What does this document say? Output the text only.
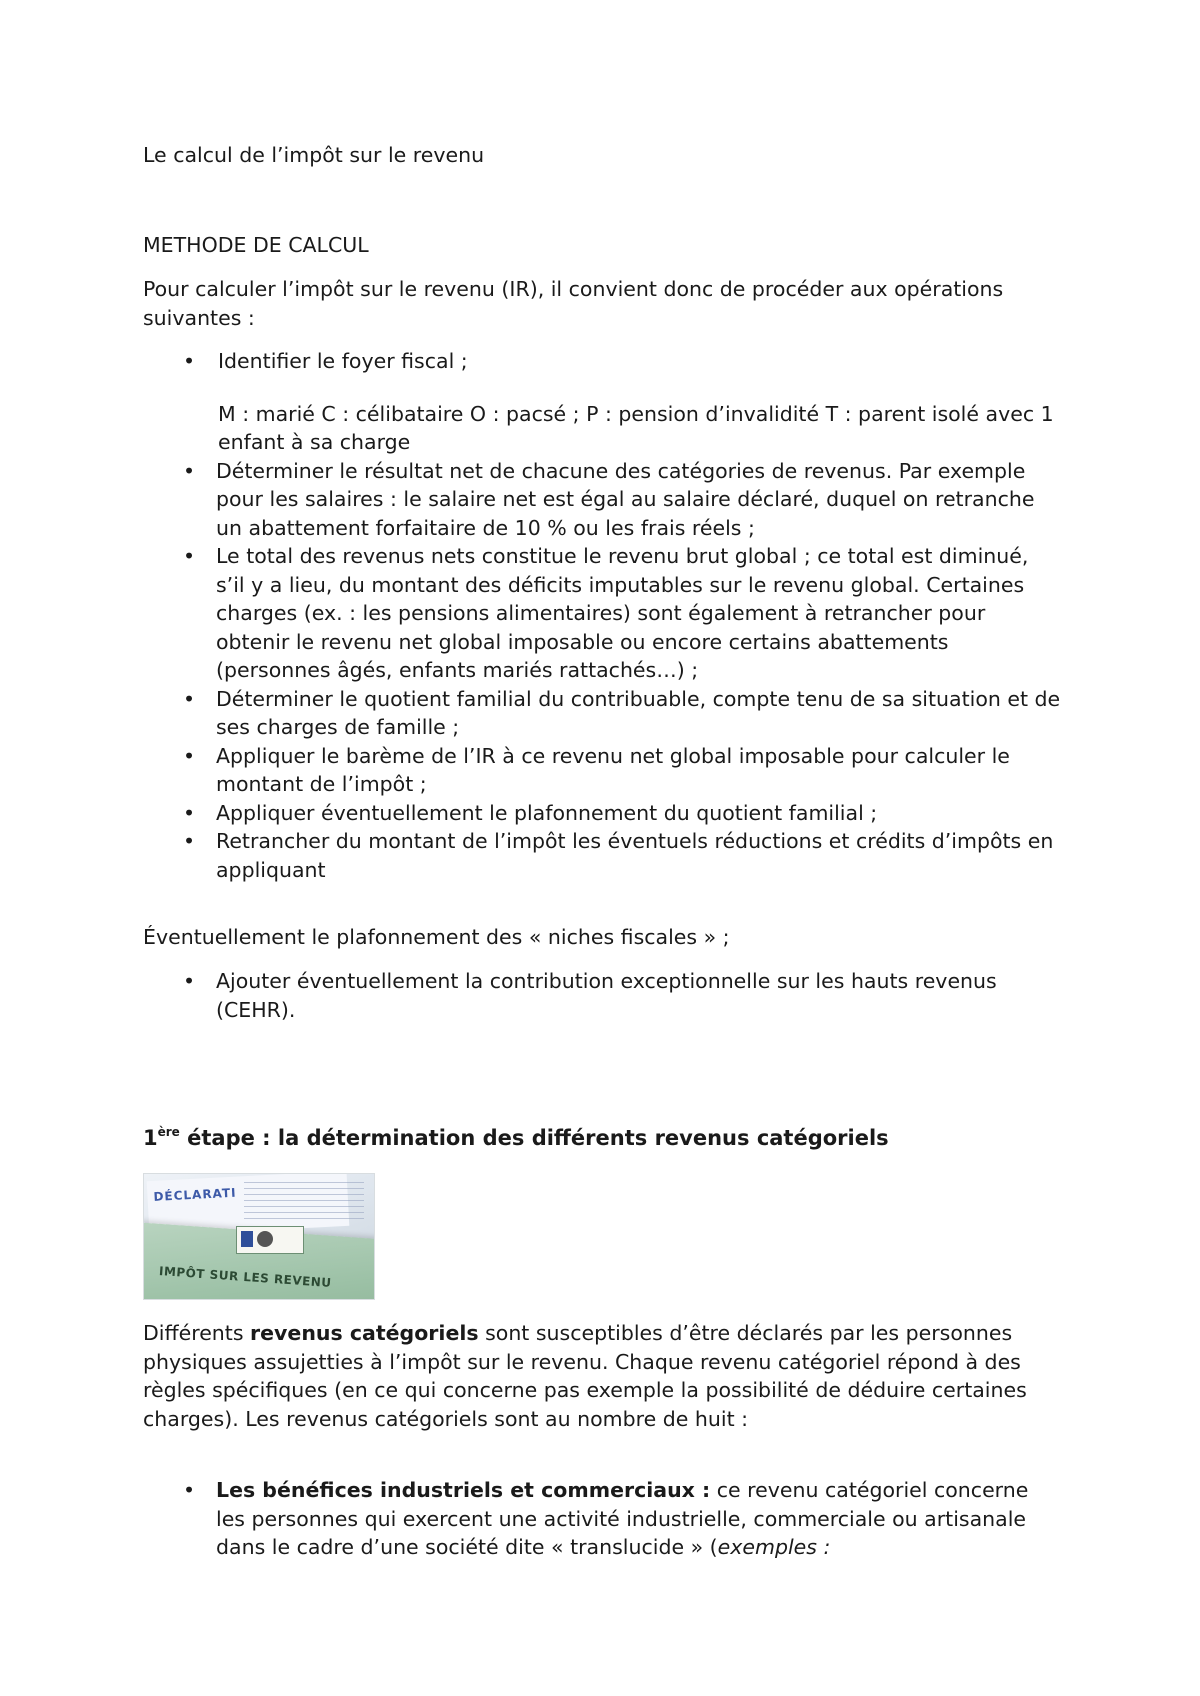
Le calcul de l’impôt sur le revenu

METHODE DE CALCUL

Pour calculer l’impôt sur le revenu (IR), il convient donc de procéder aux opérations suivantes :

• Identifier le foyer fiscal ;
M : marié C : célibataire O : pacsé ; P : pension d’invalidité T : parent isolé avec 1 enfant à sa charge
• Déterminer le résultat net de chacune des catégories de revenus. Par exemple pour les salaires : le salaire net est égal au salaire déclaré, duquel on retranche un abattement forfaitaire de 10 % ou les frais réels ;
• Le total des revenus nets constitue le revenu brut global ; ce total est diminué, s’il y a lieu, du montant des déficits imputables sur le revenu global. Certaines charges (ex. : les pensions alimentaires) sont également à retrancher pour obtenir le revenu net global imposable ou encore certains abattements (personnes âgés, enfants mariés rattachés…) ;
• Déterminer le quotient familial du contribuable, compte tenu de sa situation et de ses charges de famille ;
• Appliquer le barème de l’IR à ce revenu net global imposable pour calculer le montant de l’impôt ;
• Appliquer éventuellement le plafonnement du quotient familial ;
• Retrancher du montant de l’impôt les éventuels réductions et crédits d’impôts en appliquant

Éventuellement le plafonnement des « niches fiscales » ;

• Ajouter éventuellement la contribution exceptionnelle sur les hauts revenus (CEHR).
1ère étape : la détermination des différents revenus catégoriels
DÉCLARATI
IMPÔT SUR LES REVENU

Différents revenus catégoriels sont susceptibles d’être déclarés par les personnes physiques assujetties à l’impôt sur le revenu. Chaque revenu catégoriel répond à des règles spécifiques (en ce qui concerne pas exemple la possibilité de déduire certaines charges). Les revenus catégoriels sont au nombre de huit :

• Les bénéfices industriels et commerciaux : ce revenu catégoriel concerne les personnes qui exercent une activité industrielle, commerciale ou artisanale dans le cadre d’une société dite « translucide » (exemples :
